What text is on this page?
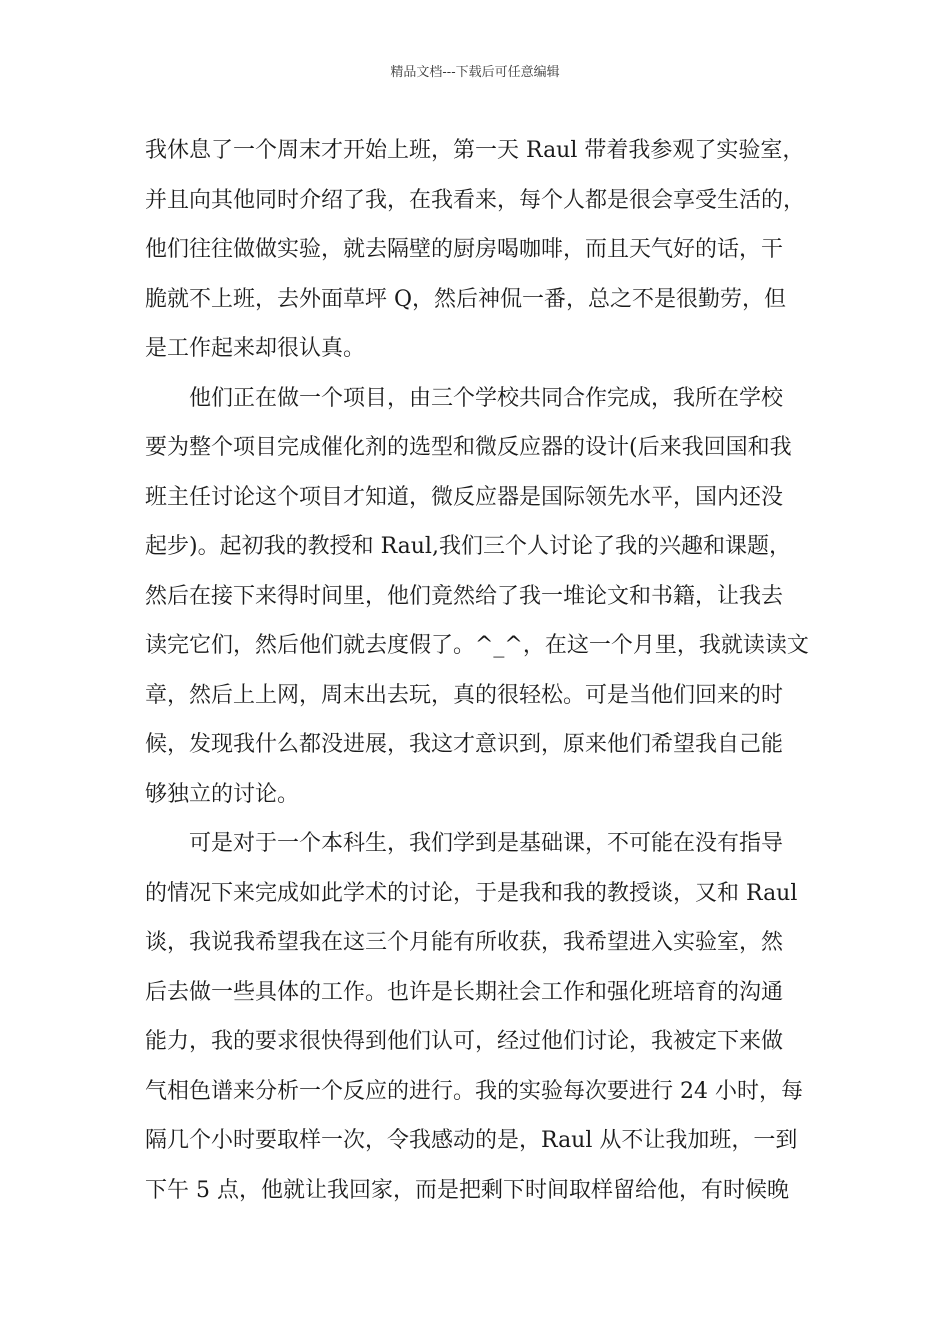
精品文档---下载后可任意编辑
我休息了一个周末才开始上班，第一天 Raul 带着我参观了实验室，
并且向其他同时介绍了我，在我看来，每个人都是很会享受生活的，
他们往往做做实验，就去隔壁的厨房喝咖啡，而且天气好的话，干
脆就不上班，去外面草坪 Q，然后神侃一番，总之不是很勤劳，但
是工作起来却很认真。
他们正在做一个项目，由三个学校共同合作完成，我所在学校
要为整个项目完成催化剂的选型和微反应器的设计(后来我回国和我
班主任讨论这个项目才知道，微反应器是国际领先水平，国内还没
起步)。起初我的教授和 Raul,我们三个人讨论了我的兴趣和课题，
然后在接下来得时间里，他们竟然给了我一堆论文和书籍，让我去
读完它们，然后他们就去度假了。^_^，在这一个月里，我就读读文
章，然后上上网，周末出去玩，真的很轻松。可是当他们回来的时
候，发现我什么都没进展，我这才意识到，原来他们希望我自己能
够独立的讨论。
可是对于一个本科生，我们学到是基础课，不可能在没有指导
的情况下来完成如此学术的讨论，于是我和我的教授谈，又和 Raul
谈，我说我希望我在这三个月能有所收获，我希望进入实验室，然
后去做一些具体的工作。也许是长期社会工作和强化班培育的沟通
能力，我的要求很快得到他们认可，经过他们讨论，我被定下来做
气相色谱来分析一个反应的进行。我的实验每次要进行 24 小时，每
隔几个小时要取样一次，令我感动的是，Raul 从不让我加班，一到
下午 5 点，他就让我回家，而是把剩下时间取样留给他，有时候晚
